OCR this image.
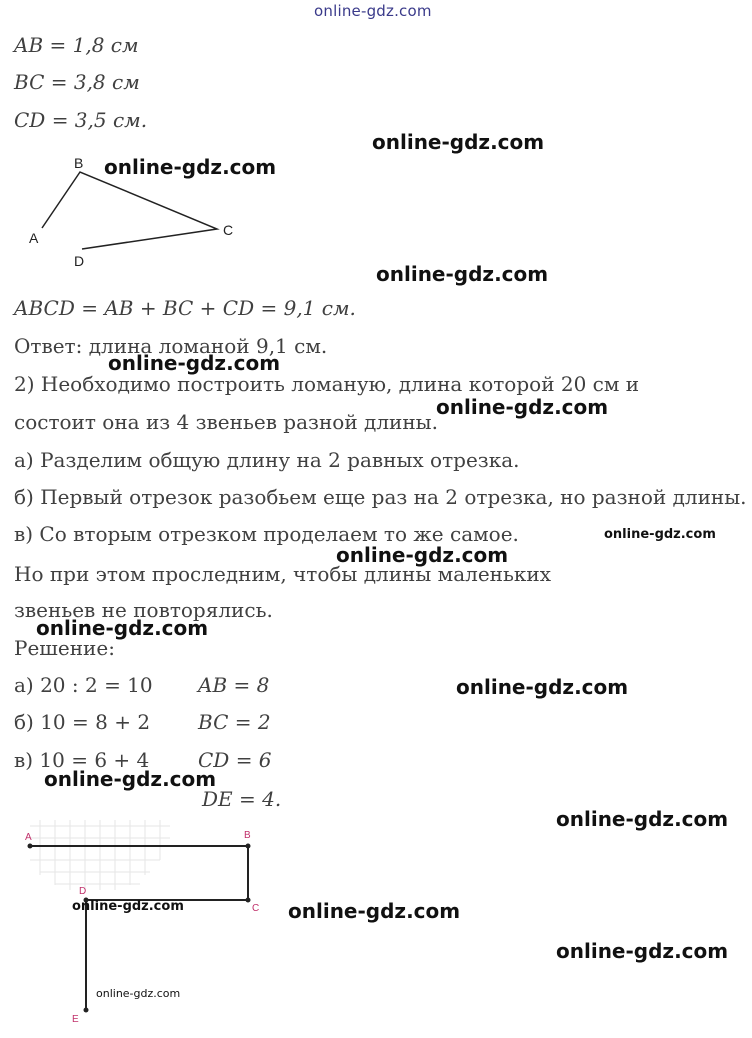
online-gdz.com
AB = 1,8 см
BC = 3,8 см
CD = 3,5 см.
B
A	C
D
ABCD = AB + BC + CD = 9,1 см.
Ответ: длина ломаной 9,1 см.
2) Необходимо построить ломаную, длина которой 20 см и
состоит она из 4 звеньев разной длины.
а) Разделим общую длину на 2 равных отрезка.
б) Первый отрезок разобьем еще раз на 2 отрезка, но разной длины.
в) Со вторым отрезком проделаем то же самое.
Но при этом проследним, чтобы длины маленьких
звеньев не повторялись.
Решение:
а) 20 : 2 = 10 AB = 8
б) 10 = 8 + 2 BC = 2
в) 10 = 6 + 4 CD = 6
DE = 4.
A	B
C
D
E
online-gdz.com
online-gdz.com
online-gdz.com
online-gdz.com
online-gdz.com
online-gdz.com
online-gdz.com
online-gdz.com
online-gdz.com
online-gdz.com
online-gdz.com
online-gdz.com	online-gdz.com
online-gdz.com
online-gdz.com
